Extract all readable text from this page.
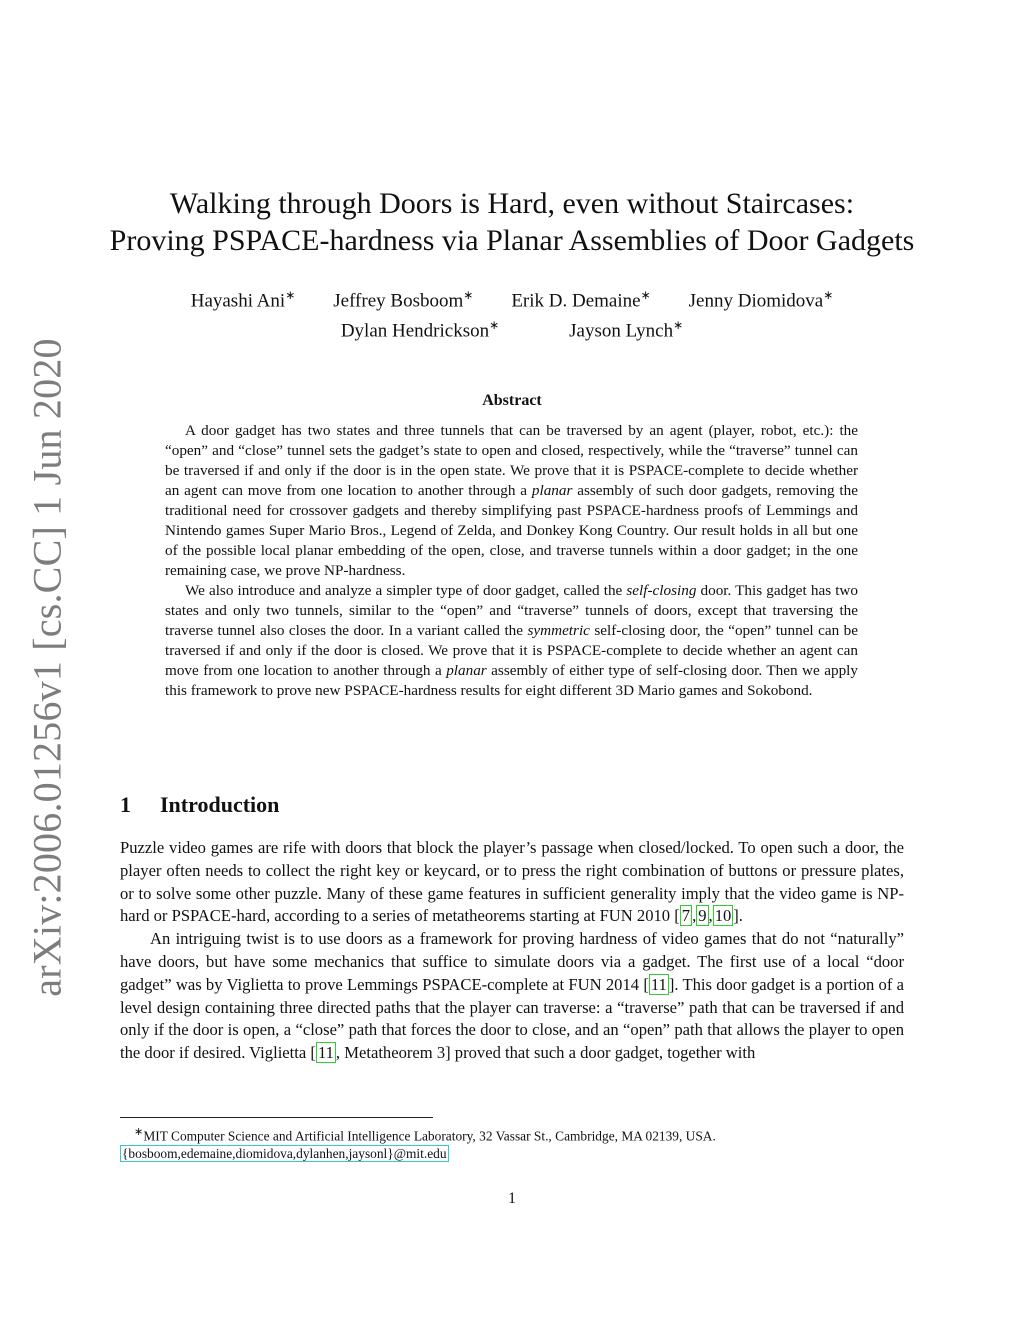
arXiv:2006.01256v1 [cs.CC] 1 Jun 2020
Walking through Doors is Hard, even without Staircases:
Proving PSPACE-hardness via Planar Assemblies of Door Gadgets
Hayashi Ani∗ Jeffrey Bosboom∗ Erik D. Demaine∗ Jenny Diomidova∗
Dylan Hendrickson∗	Jayson Lynch∗
Abstract

A door gadget has two states and three tunnels that can be traversed by an agent (player, robot, etc.): the “open” and “close” tunnel sets the gadget’s state to open and closed, respectively, while the “traverse” tunnel can be traversed if and only if the door is in the open state. We prove that it is PSPACE-complete to decide whether an agent can move from one location to another through a planar assembly of such door gadgets, removing the traditional need for crossover gadgets and thereby simplifying past PSPACE-hardness proofs of Lemmings and Nintendo games Super Mario Bros., Legend of Zelda, and Donkey Kong Country. Our result holds in all but one of the possible local planar embedding of the open, close, and traverse tunnels within a door gadget; in the one remaining case, we prove NP-hardness.

We also introduce and analyze a simpler type of door gadget, called the self-closing door. This gadget has two states and only two tunnels, similar to the “open” and “traverse” tunnels of doors, except that traversing the traverse tunnel also closes the door. In a variant called the symmetric self-closing door, the “open” tunnel can be traversed if and only if the door is closed. We prove that it is PSPACE-complete to decide whether an agent can move from one location to another through a planar assembly of either type of self-closing door. Then we apply this framework to prove new PSPACE-hardness results for eight different 3D Mario games and Sokobond.

1 Introduction

Puzzle video games are rife with doors that block the player’s passage when closed/locked. To open such a door, the player often needs to collect the right key or keycard, or to press the right combination of buttons or pressure plates, or to solve some other puzzle. Many of these game features in sufficient generality imply that the video game is NP-hard or PSPACE-hard, according to a series of metatheorems starting at FUN 2010 [ 7 , 9 , 10 ].

An intriguing twist is to use doors as a framework for proving hardness of video games that do not “naturally” have doors, but have some mechanics that suffice to simulate doors via a gadget. The first use of a local “door gadget” was by Viglietta to prove Lemmings PSPACE-complete at FUN 2014 [ 11 ]. This door gadget is a portion of a level design containing three directed paths that the player can traverse: a “traverse” path that can be traversed if and only if the door is open, a “close” path that forces the door to close, and an “open” path that allows the player to open the door if desired. Viglietta [ 11 , Metatheorem 3] proved that such a door gadget, together with

∗MIT Computer Science and Artificial Intelligence Laboratory, 32 Vassar St., Cambridge, MA 02139, USA.
{bosboom,edemaine,diomidova,dylanhen,jaysonl}@mit.edu
1
